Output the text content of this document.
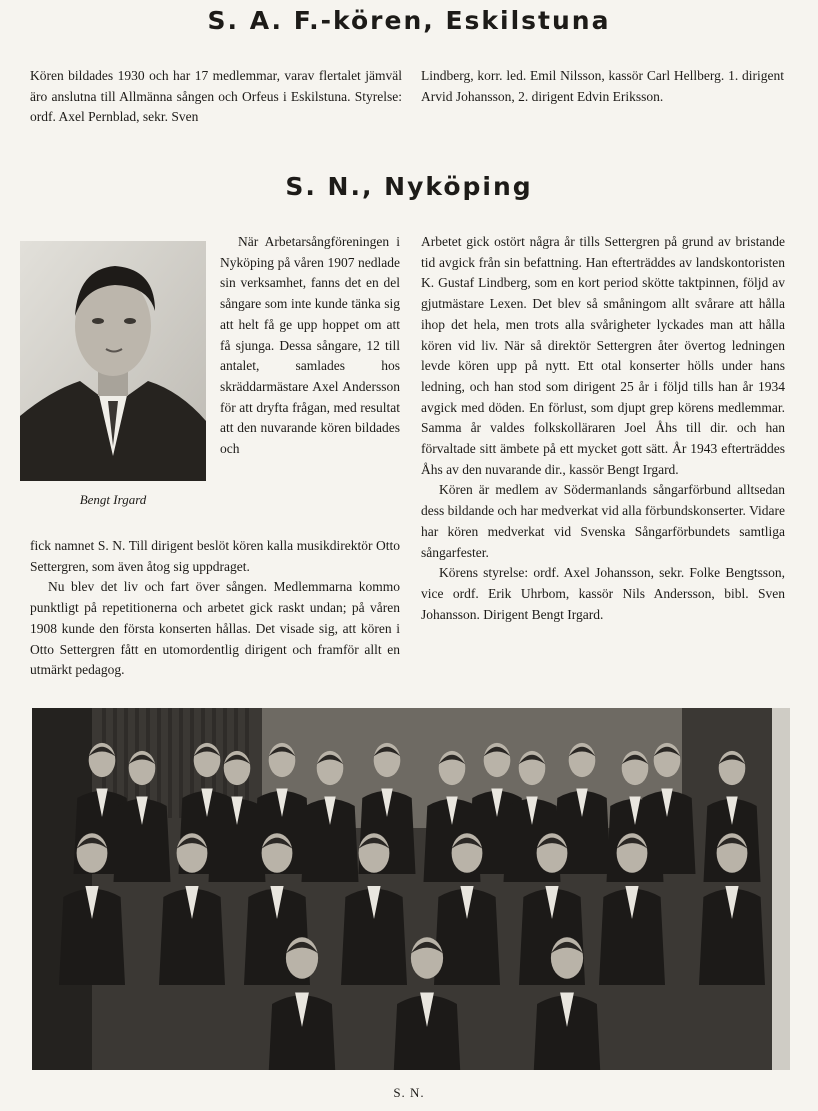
S. A. F.-kören, Eskilstuna

Kören bildades 1930 och har 17 medlemmar, varav flertalet jämväl äro anslutna till Allmänna sången och Orfeus i Eskilstuna. Styrelse: ordf. Axel Pernblad, sekr. Sven

Lindberg, korr. led. Emil Nilsson, kassör Carl Hellberg. 1. dirigent Arvid Johansson, 2. dirigent Edvin Eriksson.

S. N., Nyköping

Bengt Irgard

När Arbetarsångföreningen i Nyköping på våren 1907 nedlade sin verksamhet, fanns det en del sångare som inte kunde tänka sig att helt få ge upp hoppet om att få sjunga. Dessa sångare, 12 till antalet, samlades hos skräddarmästare Axel Andersson för att dryfta frågan, med resultat att den nuvarande kören bildades och

fick namnet S. N. Till dirigent beslöt kören kalla musikdirektör Otto Settergren, som även åtog sig uppdraget.

Nu blev det liv och fart över sången. Medlemmarna kommo punktligt på repetitionerna och arbetet gick raskt undan; på våren 1908 kunde den första konserten hållas. Det visade sig, att kören i Otto Settergren fått en utomordentlig dirigent och framför allt en utmärkt pedagog.

Arbetet gick ostört några år tills Settergren på grund av bristande tid avgick från sin befattning. Han efterträddes av landskontoristen K. Gustaf Lindberg, som en kort period skötte taktpinnen, följd av gjutmästare Lexen. Det blev så småningom allt svårare att hålla ihop det hela, men trots alla svårigheter lyckades man att hålla kören vid liv. När så direktör Settergren åter övertog ledningen levde kören upp på nytt. Ett otal konserter hölls under hans ledning, och han stod som dirigent 25 år i följd tills han år 1934 avgick med döden. En förlust, som djupt grep körens medlemmar. Samma år valdes folkskolläraren Joel Åhs till dir. och han förvaltade sitt ämbete på ett mycket gott sätt. År 1943 efterträddes Åhs av den nuvarande dir., kassör Bengt Irgard.

Kören är medlem av Södermanlands sångarförbund alltsedan dess bildande och har medverkat vid alla förbundskonserter. Vidare har kören medverkat vid Svenska Sångarförbundets samtliga sångarfester.

Körens styrelse: ordf. Axel Johansson, sekr. Folke Bengtsson, vice ordf. Erik Uhrbom, kassör Nils Andersson, bibl. Sven Johansson. Dirigent Bengt Irgard.

S. N.
